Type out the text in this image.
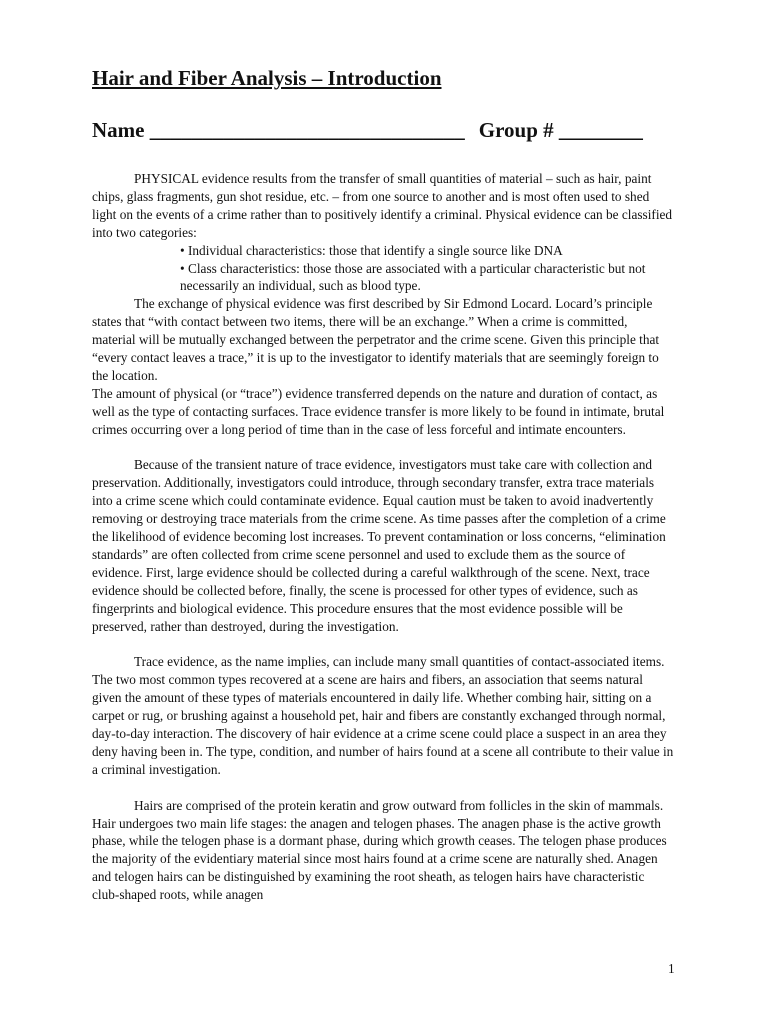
Hair and Fiber Analysis – Introduction
Name ______________________________ Group # ________

PHYSICAL evidence results from the transfer of small quantities of material – such as hair, paint chips, glass fragments, gun shot residue, etc. – from one source to another and is most often used to shed light on the events of a crime rather than to positively identify a criminal. Physical evidence can be classified into two categories:

• Individual characteristics: those that identify a single source like DNA

• Class characteristics: those those are associated with a particular characteristic but not necessarily an individual, such as blood type.

The exchange of physical evidence was first described by Sir Edmond Locard. Locard’s principle states that “with contact between two items, there will be an exchange.” When a crime is committed, material will be mutually exchanged between the perpetrator and the crime scene. Given this principle that “every contact leaves a trace,” it is up to the investigator to identify materials that are seemingly foreign to the location.

The amount of physical (or “trace”) evidence transferred depends on the nature and duration of contact, as well as the type of contacting surfaces. Trace evidence transfer is more likely to be found in intimate, brutal crimes occurring over a long period of time than in the case of less forceful and intimate encounters.

Because of the transient nature of trace evidence, investigators must take care with collection and preservation. Additionally, investigators could introduce, through secondary transfer, extra trace materials into a crime scene which could contaminate evidence. Equal caution must be taken to avoid inadvertently removing or destroying trace materials from the crime scene. As time passes after the completion of a crime the likelihood of evidence becoming lost increases. To prevent contamination or loss concerns, “elimination standards” are often collected from crime scene personnel and used to exclude them as the source of evidence. First, large evidence should be collected during a careful walkthrough of the scene. Next, trace evidence should be collected before, finally, the scene is processed for other types of evidence, such as fingerprints and biological evidence. This procedure ensures that the most evidence possible will be preserved, rather than destroyed, during the investigation.

Trace evidence, as the name implies, can include many small quantities of contact-associated items. The two most common types recovered at a scene are hairs and fibers, an association that seems natural given the amount of these types of materials encountered in daily life. Whether combing hair, sitting on a carpet or rug, or brushing against a household pet, hair and fibers are constantly exchanged through normal, day-to-day interaction. The discovery of hair evidence at a crime scene could place a suspect in an area they deny having been in. The type, condition, and number of hairs found at a scene all contribute to their value in a criminal investigation.

Hairs are comprised of the protein keratin and grow outward from follicles in the skin of mammals. Hair undergoes two main life stages: the anagen and telogen phases. The anagen phase is the active growth phase, while the telogen phase is a dormant phase, during which growth ceases. The telogen phase produces the majority of the evidentiary material since most hairs found at a crime scene are naturally shed. Anagen and telogen hairs can be distinguished by examining the root sheath, as telogen hairs have characteristic club-shaped roots, while anagen

1
